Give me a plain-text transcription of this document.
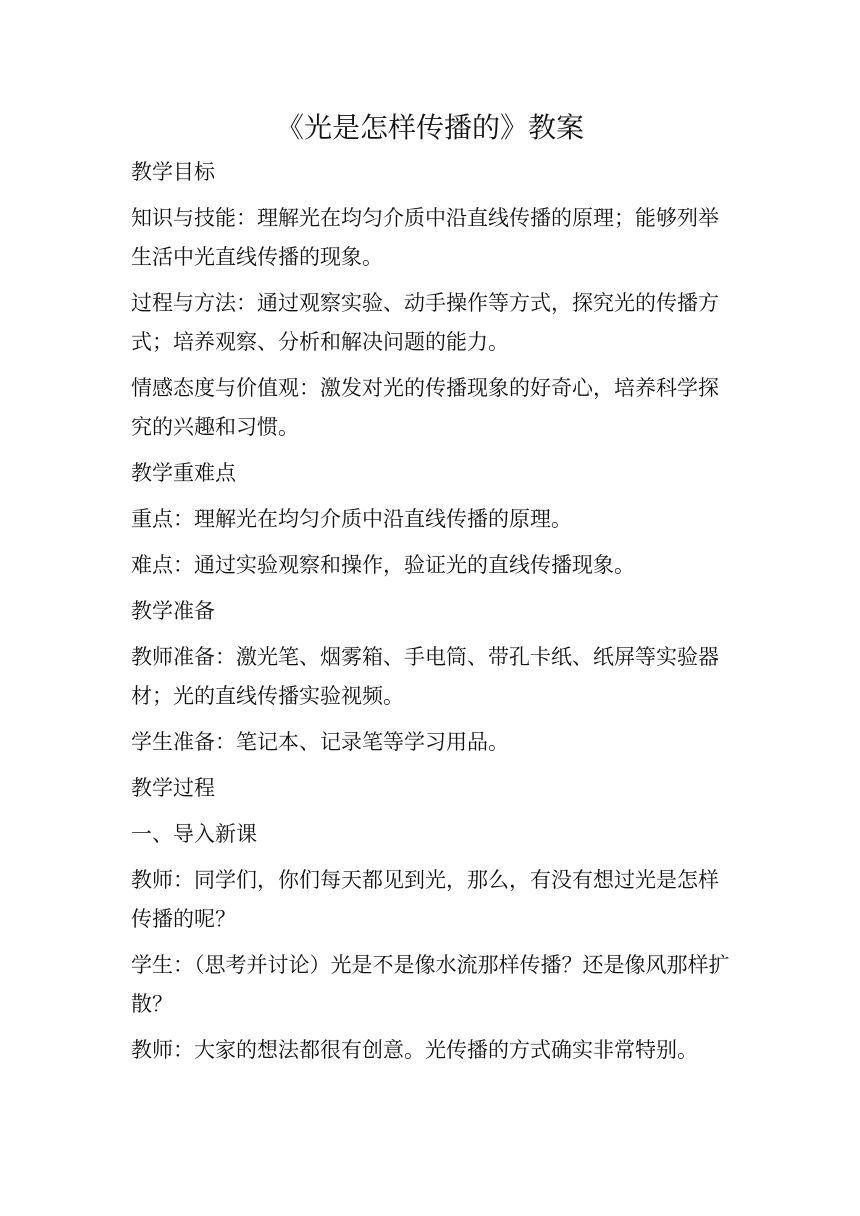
《光是怎样传播的》教案

教学目标

知识与技能：理解光在均匀介质中沿直线传播的原理；能够列举生活中光直线传播的现象。

过程与方法：通过观察实验、动手操作等方式，探究光的传播方式；培养观察、分析和解决问题的能力。

情感态度与价值观：激发对光的传播现象的好奇心，培养科学探究的兴趣和习惯。

教学重难点

重点：理解光在均匀介质中沿直线传播的原理。

难点：通过实验观察和操作，验证光的直线传播现象。

教学准备

教师准备：激光笔、烟雾箱、手电筒、带孔卡纸、纸屏等实验器材；光的直线传播实验视频。

学生准备：笔记本、记录笔等学习用品。

教学过程

一、导入新课

教师：同学们，你们每天都见到光，那么，有没有想过光是怎样传播的呢？

学生：（思考并讨论）光是不是像水流那样传播？还是像风那样扩散？

教师：大家的想法都很有创意。光传播的方式确实非常特别。
